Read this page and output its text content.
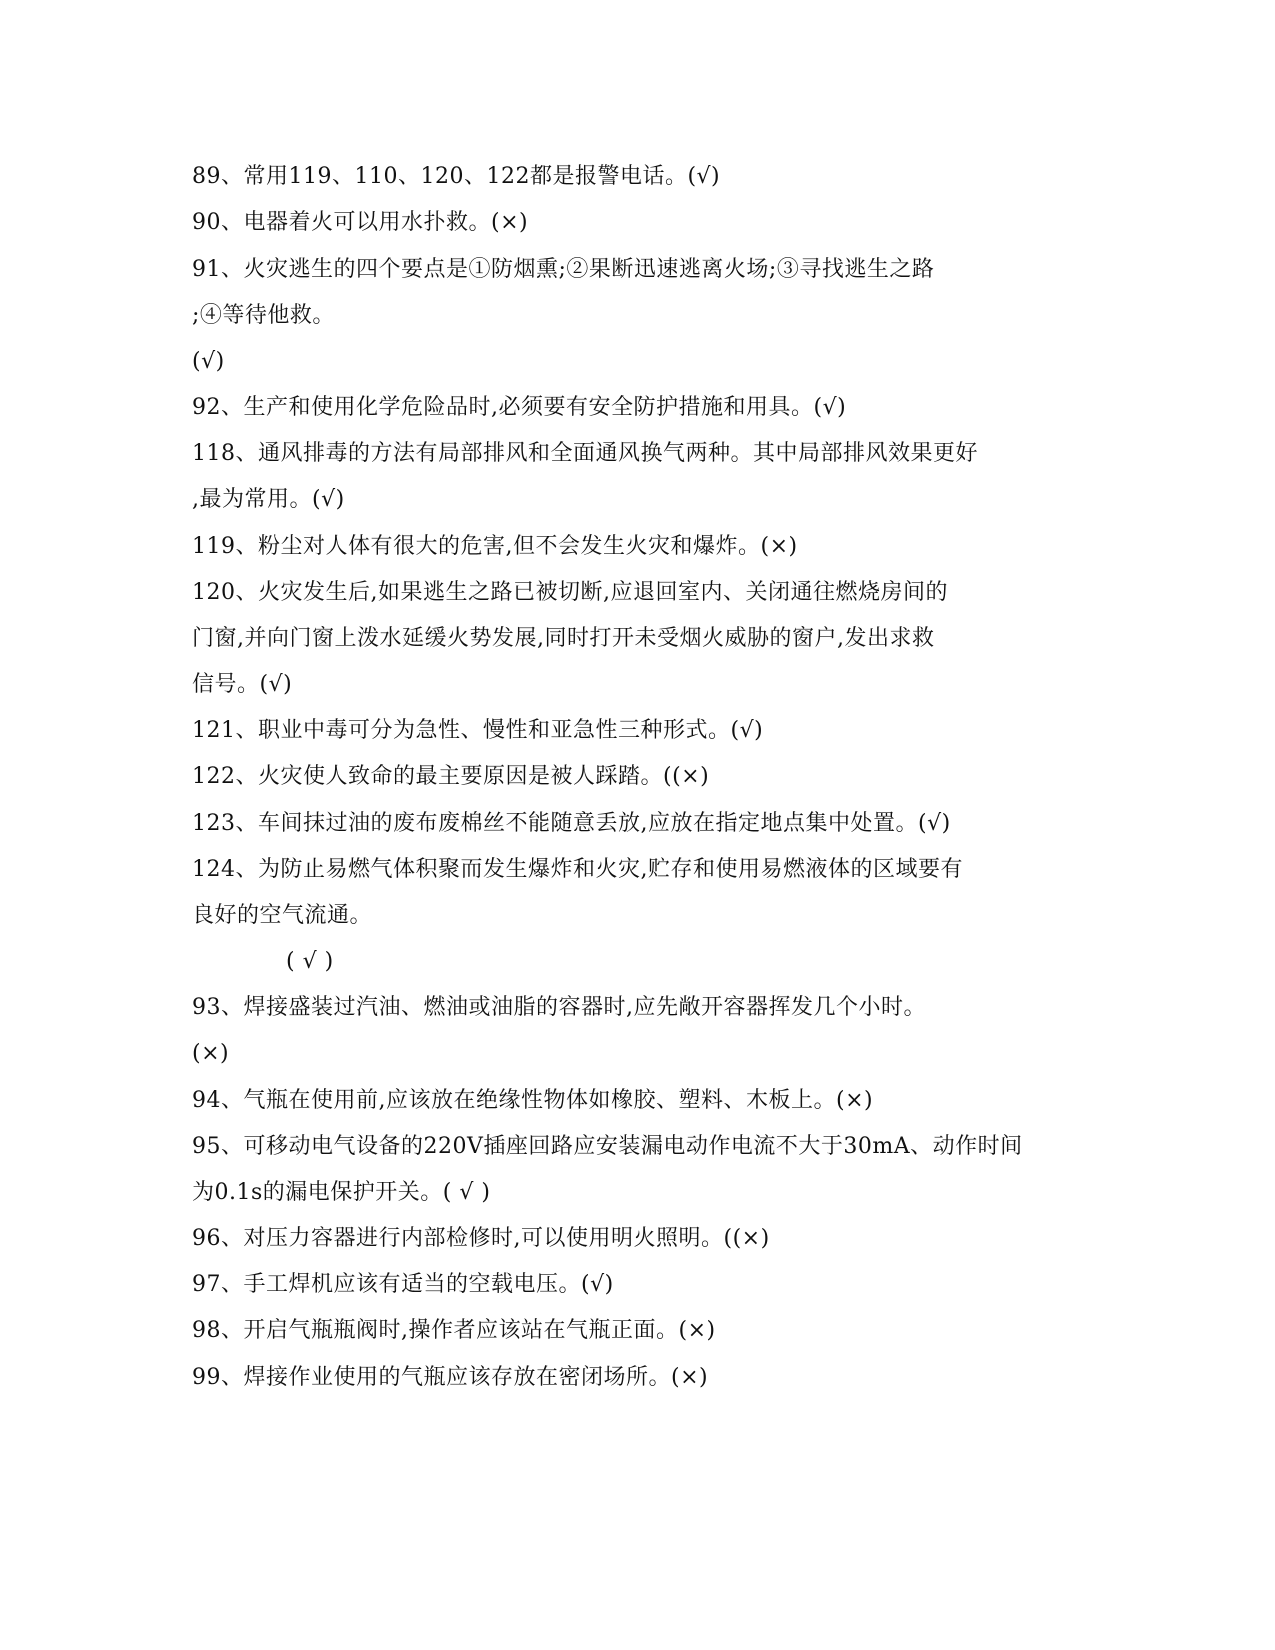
89、常用119、110、120、122都是报警电话。(√)
90、电器着火可以用水扑救。(×)
91、火灾逃生的四个要点是①防烟熏;②果断迅速逃离火场;③寻找逃生之路
;④等待他救。
(√)
92、生产和使用化学危险品时,必须要有安全防护措施和用具。(√)
118、通风排毒的方法有局部排风和全面通风换气两种。其中局部排风效果更好
,最为常用。(√)
119、粉尘对人体有很大的危害,但不会发生火灾和爆炸。(×)
120、火灾发生后,如果逃生之路已被切断,应退回室内、关闭通往燃烧房间的
门窗,并向门窗上泼水延缓火势发展,同时打开未受烟火威胁的窗户,发出求救
信号。(√)
121、职业中毒可分为急性、慢性和亚急性三种形式。(√)
122、火灾使人致命的最主要原因是被人踩踏。((×)
123、车间抹过油的废布废棉丝不能随意丢放,应放在指定地点集中处置。(√)
124、为防止易燃气体积聚而发生爆炸和火灾,贮存和使用易燃液体的区域要有
良好的空气流通。
( √ )
93、焊接盛装过汽油、燃油或油脂的容器时,应先敞开容器挥发几个小时。
(×)
94、气瓶在使用前,应该放在绝缘性物体如橡胶、塑料、木板上。(×)
95、可移动电气设备的220V插座回路应安装漏电动作电流不大于30mA、动作时间
为0.1s的漏电保护开关。( √ )
96、对压力容器进行内部检修时,可以使用明火照明。((×)
97、手工焊机应该有适当的空载电压。(√)
98、开启气瓶瓶阀时,操作者应该站在气瓶正面。(×)
99、焊接作业使用的气瓶应该存放在密闭场所。(×)
